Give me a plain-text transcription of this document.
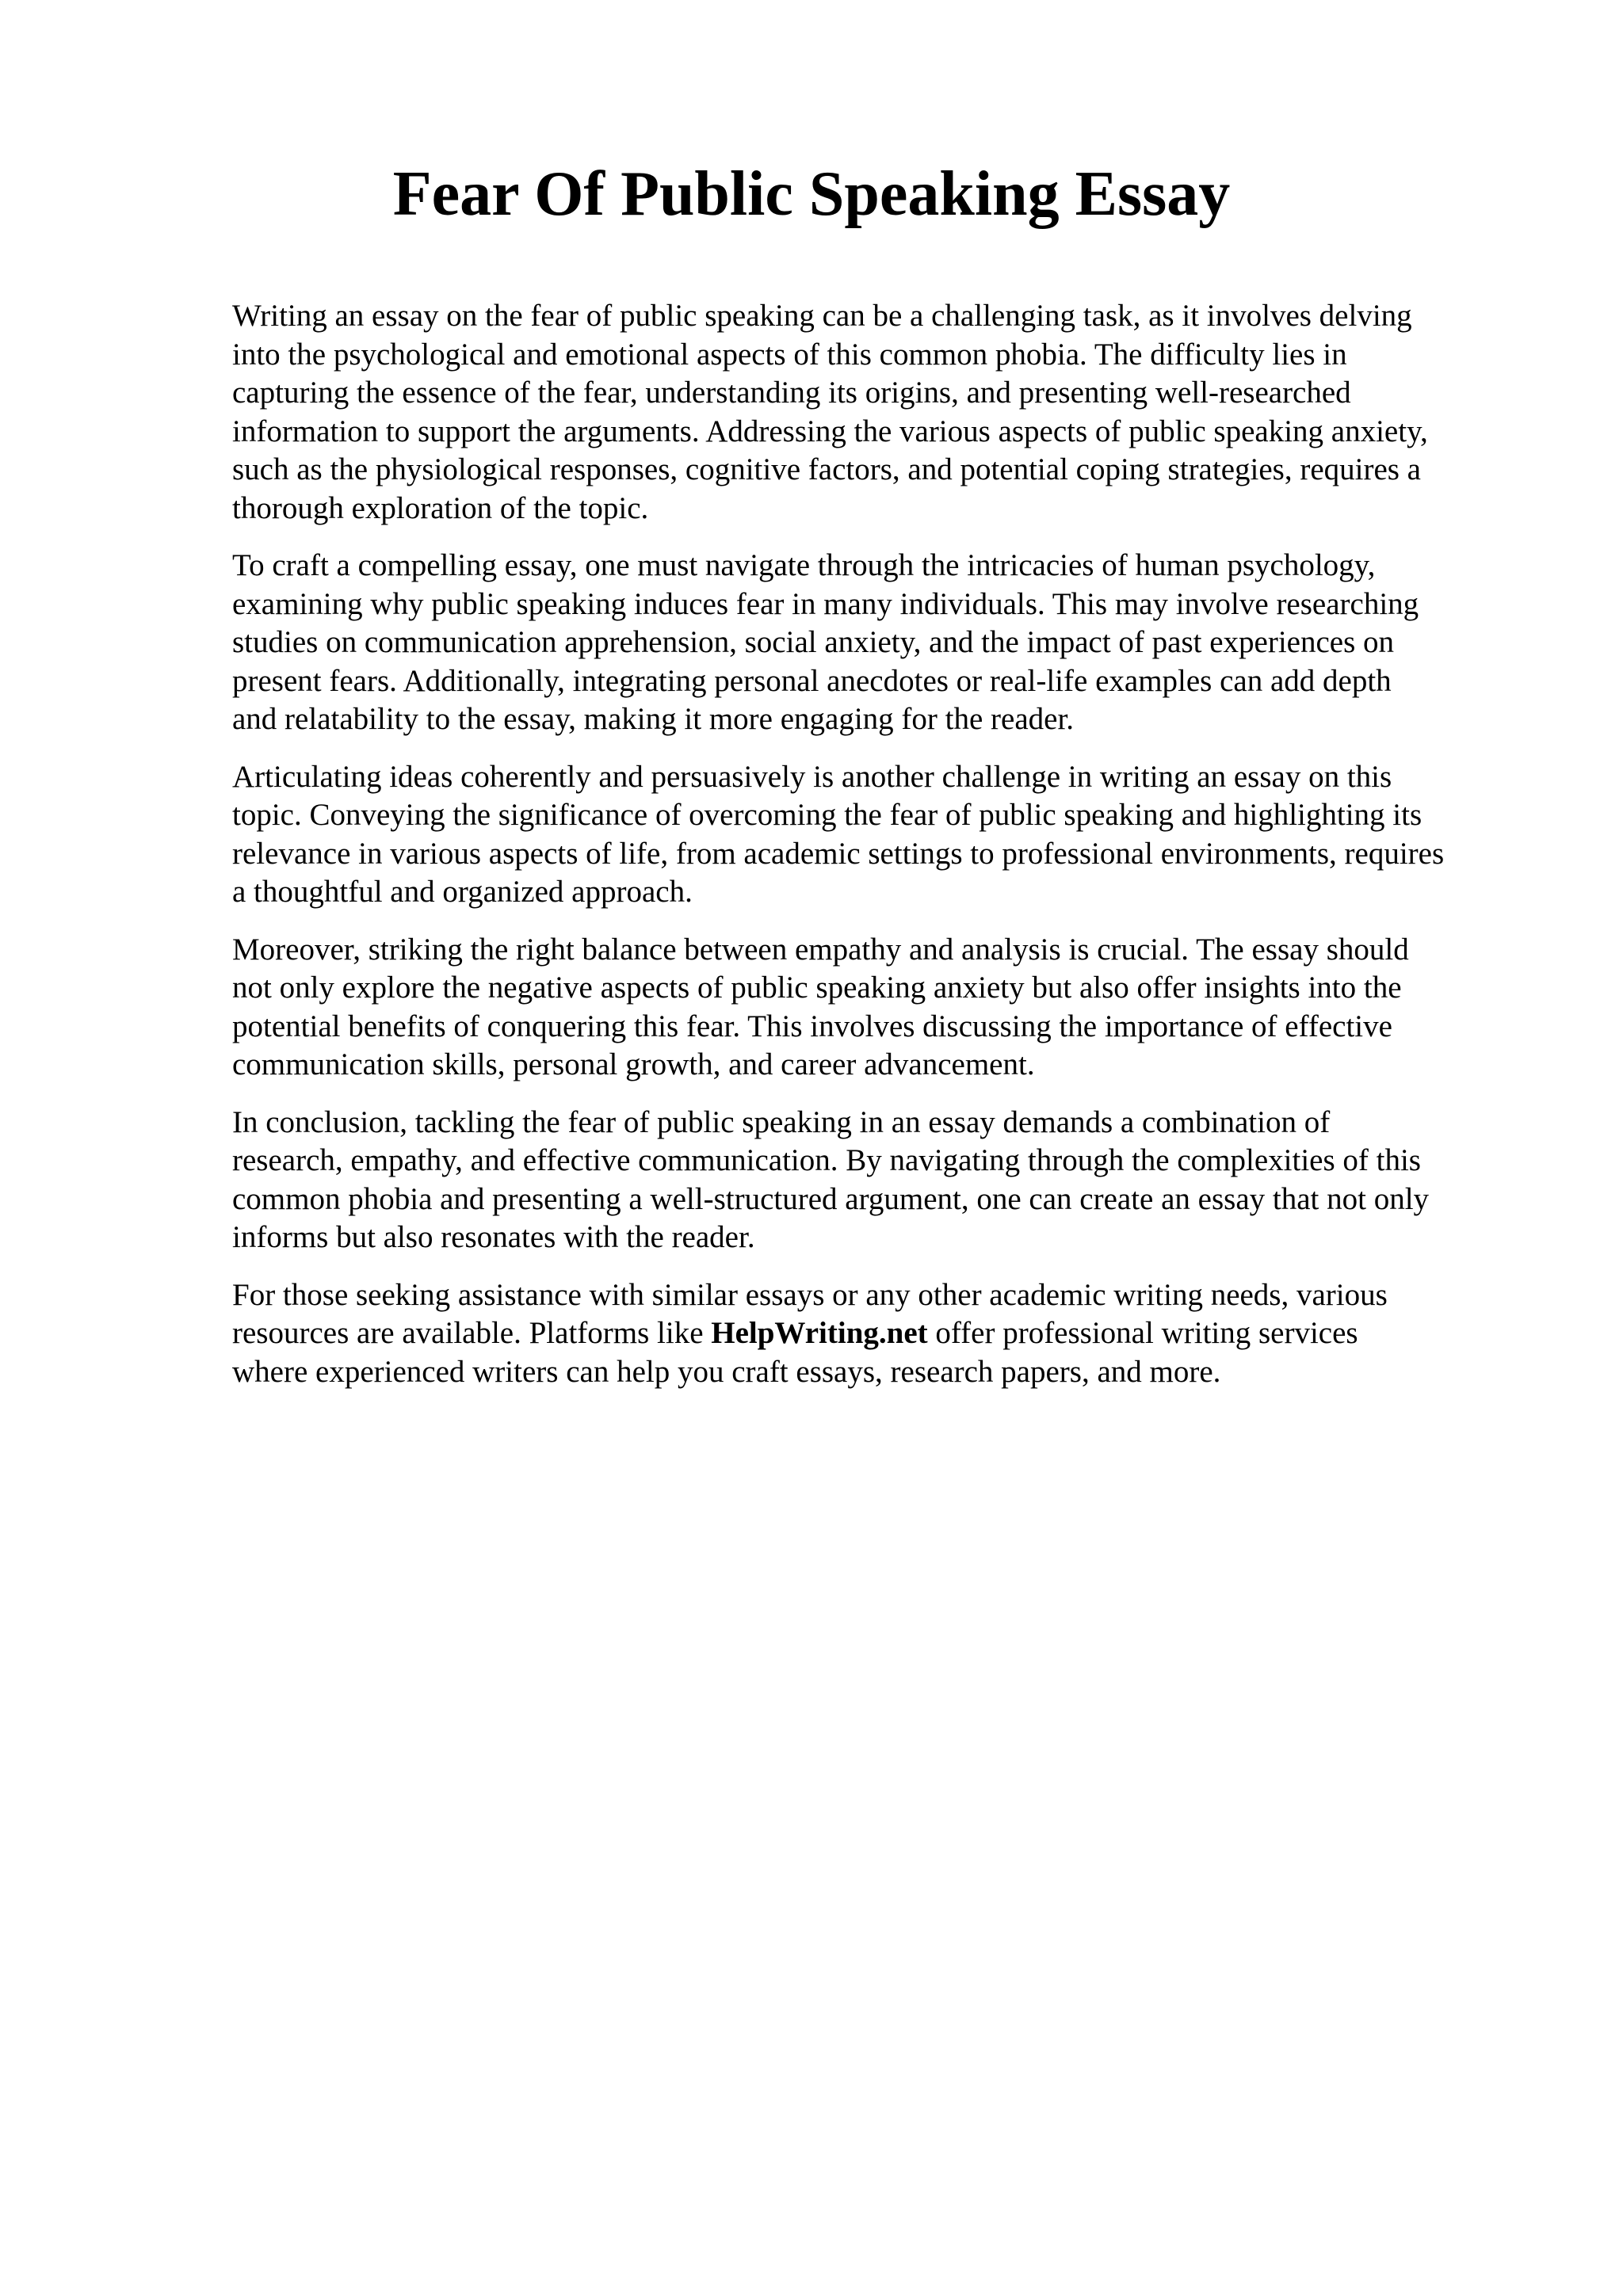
Fear Of Public Speaking Essay

Writing an essay on the fear of public speaking can be a challenging task, as it involves delving
into the psychological and emotional aspects of this common phobia. The difficulty lies in
capturing the essence of the fear, understanding its origins, and presenting well-researched
information to support the arguments. Addressing the various aspects of public speaking anxiety,
such as the physiological responses, cognitive factors, and potential coping strategies, requires a
thorough exploration of the topic.

To craft a compelling essay, one must navigate through the intricacies of human psychology,
examining why public speaking induces fear in many individuals. This may involve researching
studies on communication apprehension, social anxiety, and the impact of past experiences on
present fears. Additionally, integrating personal anecdotes or real-life examples can add depth
and relatability to the essay, making it more engaging for the reader.

Articulating ideas coherently and persuasively is another challenge in writing an essay on this
topic. Conveying the significance of overcoming the fear of public speaking and highlighting its
relevance in various aspects of life, from academic settings to professional environments, requires
a thoughtful and organized approach.

Moreover, striking the right balance between empathy and analysis is crucial. The essay should
not only explore the negative aspects of public speaking anxiety but also offer insights into the
potential benefits of conquering this fear. This involves discussing the importance of effective
communication skills, personal growth, and career advancement.

In conclusion, tackling the fear of public speaking in an essay demands a combination of
research, empathy, and effective communication. By navigating through the complexities of this
common phobia and presenting a well-structured argument, one can create an essay that not only
informs but also resonates with the reader.

For those seeking assistance with similar essays or any other academic writing needs, various
resources are available. Platforms like HelpWriting.net offer professional writing services
where experienced writers can help you craft essays, research papers, and more.
